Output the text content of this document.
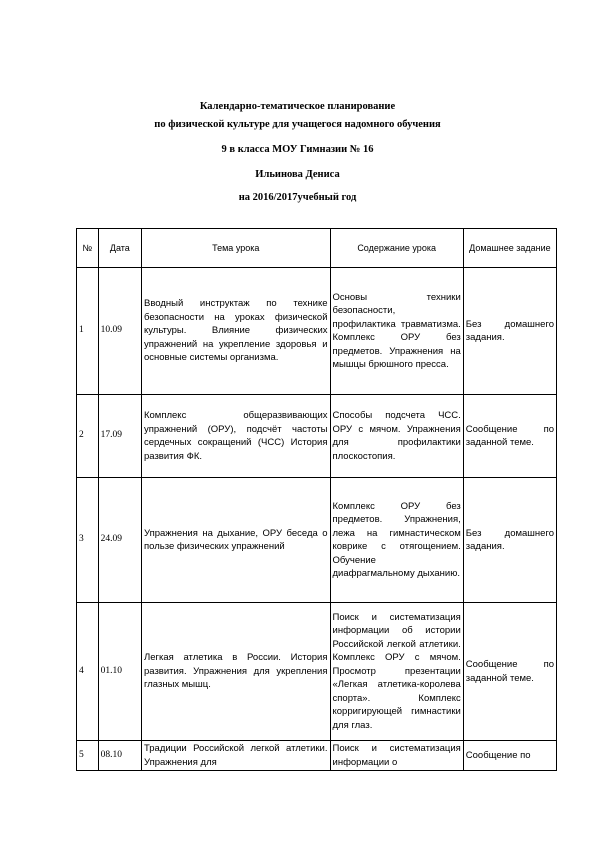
Календарно-тематическое планирование
по физической культуре для учащегося надомного обучения
9 в класса МОУ Гимназии № 16
Ильинова Дениса
на 2016/2017учебный год
№	Дата	Тема урока	Содержание урока	Домашнее задание
1	10.09	Вводный инструктаж по технике безопасности на уроках физической культуры. Влияние физических упражнений на укрепление здоровья и основные системы организма.	Основы техники безопасности, профилактика травматизма. Комплекс ОРУ без предметов. Упражнения на мышцы брюшного пресса.	Без домашнего задания.
2	17.09	Комплекс общеразвивающих упражнений (ОРУ), подсчёт частоты сердечных сокращений (ЧСС) История развития ФК.	Способы подсчета ЧСС. ОРУ с мячом. Упражнения для профилактики плоскостопия.	Сообщение по заданной теме.
3	24.09	Упражнения на дыхание, ОРУ беседа о пользе физических упражнений	Комплекс ОРУ без предметов. Упражнения, лежа на гимнастическом коврике с отягощением. Обучение диафрагмальному дыханию.	Без домашнего задания.
4	01.10	Легкая атлетика в России. История развития. Упражнения для укрепления глазных мышц.	Поиск и систематизация информации об истории Российской легкой атлетики. Комплекс ОРУ с мячом. Просмотр презентации «Легкая атлетика-королева спорта». Комплекс корригирующей гимнастики для глаз.	Сообщение по заданной теме.
5	08.10	Традиции Российской легкой атлетики. Упражнения для	Поиск и систематизация информации о	Сообщение по
